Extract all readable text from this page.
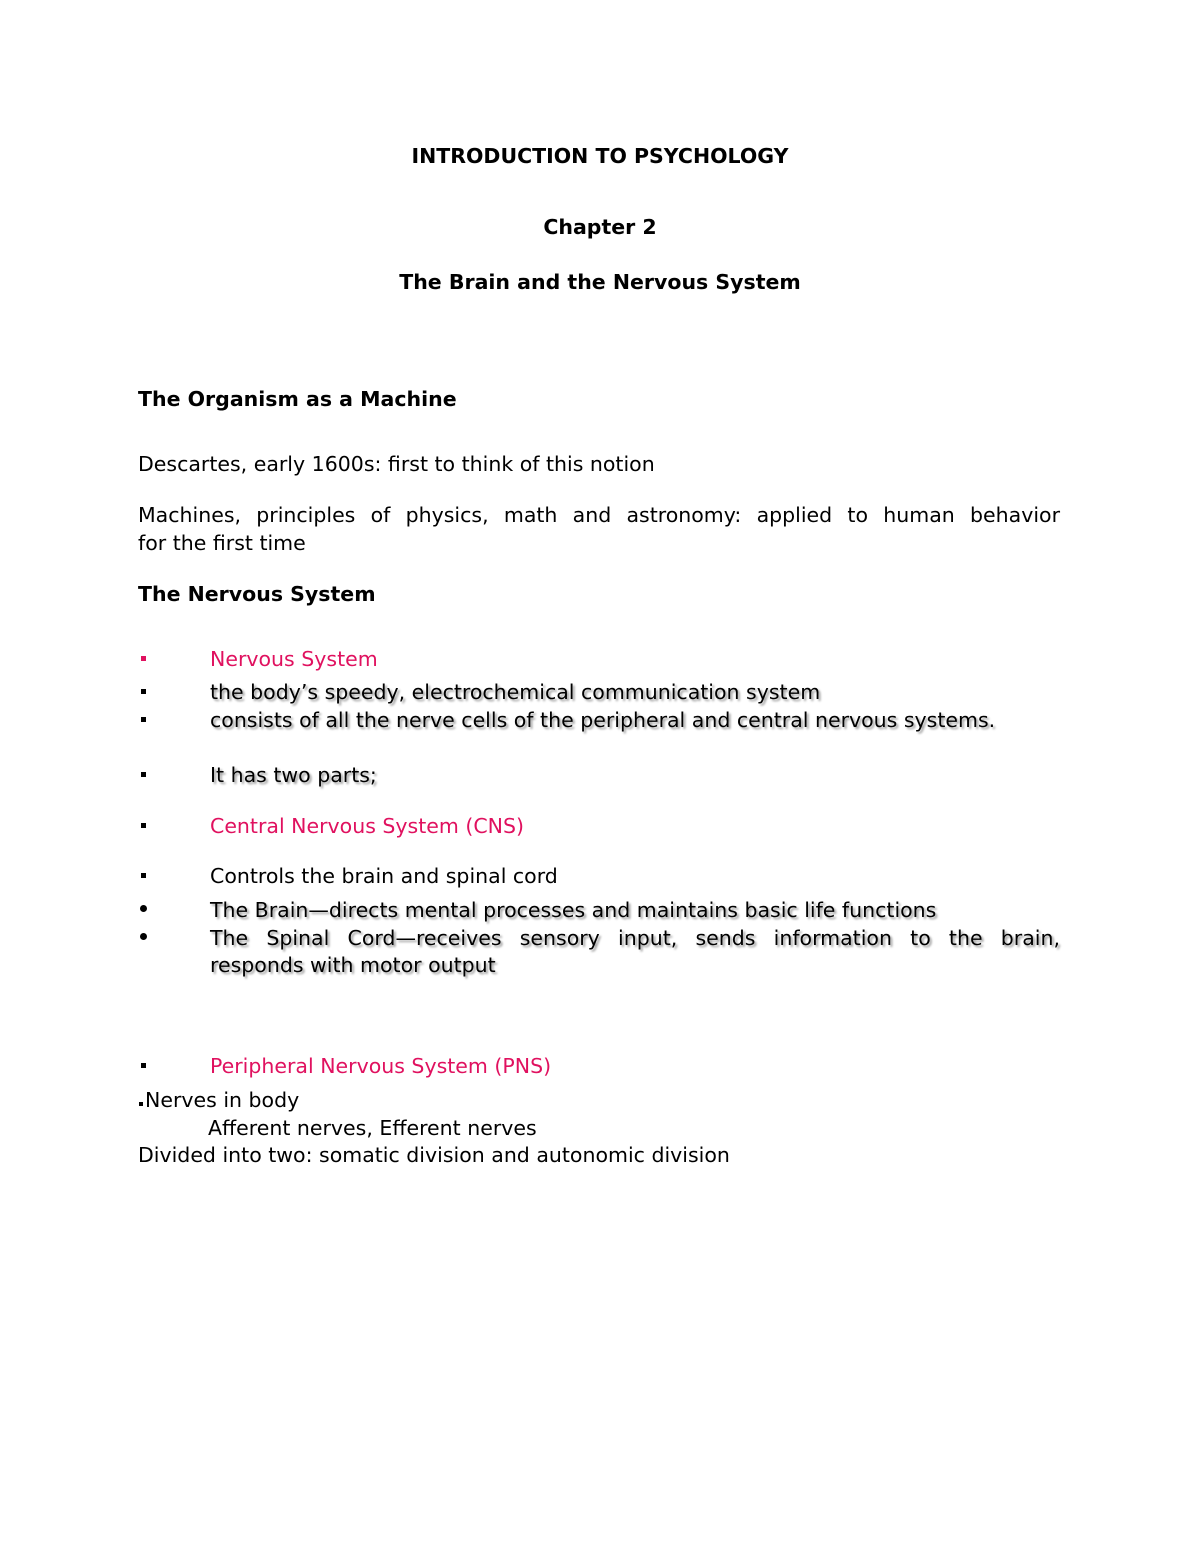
INTRODUCTION TO PSYCHOLOGY
Chapter 2
The Brain and the Nervous System
The Organism as a Machine
Descartes, early 1600s: first to think of this notion
Machines, principles of physics, math and astronomy: applied to human behavior
for the first time
The Nervous System
Nervous System
the body’s speedy, electrochemical communication system
consists of all the nerve cells of the peripheral and central nervous systems.
It has two parts;
Central Nervous System (CNS)
Controls the brain and spinal cord
The Brain—directs mental processes and maintains basic life functions
The Spinal Cord—receives sensory input, sends information to the brain,
responds with motor output
Peripheral Nervous System (PNS)
Nerves in body
Afferent nerves, Efferent nerves
Divided into two: somatic division and autonomic division
